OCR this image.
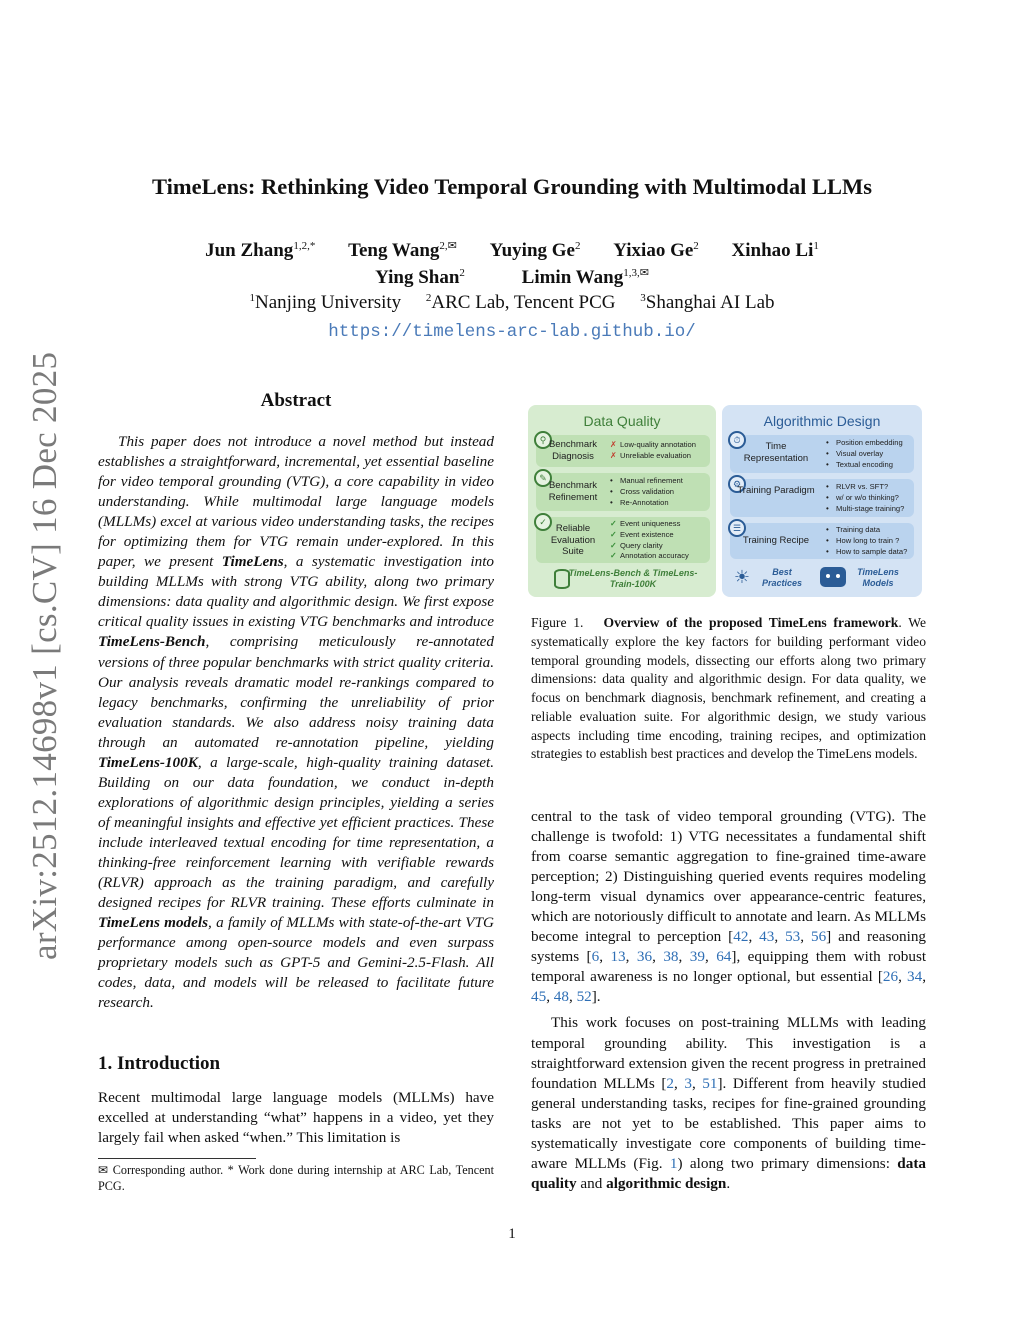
arXiv:2512.14698v1 [cs.CV] 16 Dec 2025
TimeLens: Rethinking Video Temporal Grounding with Multimodal LLMs
Jun Zhang$^{1,2,*}$ Teng Wang$^{2,✉}$ Yuying Ge$^2$ Yixiao Ge$^2$ Xinhao Li$^1$
Ying Shan$^2$	Limin Wang$^{1,3,✉}$
$^1$Nanjing University $^2$ARC Lab, Tencent PCG $^3$Shanghai AI Lab
https://timelens-arc-lab.github.io/
Abstract
This paper does not introduce a novel method but instead establishes a straightforward, incremental, yet essential baseline for video temporal grounding (VTG), a core capability in video understanding. While multimodal large language models (MLLMs) excel at various video understanding tasks, the recipes for optimizing them for VTG remain under-explored. In this paper, we present TimeLens, a systematic investigation into building MLLMs with strong VTG ability, along two primary dimensions: data quality and algorithmic design. We first expose critical quality issues in existing VTG benchmarks and introduce TimeLens-Bench, comprising meticulously re-annotated versions of three popular benchmarks with strict quality criteria. Our analysis reveals dramatic model re-rankings compared to legacy benchmarks, confirming the unreliability of prior evaluation standards. We also address noisy training data through an automated re-annotation pipeline, yielding TimeLens-100K, a large-scale, high-quality training dataset. Building on our data foundation, we conduct in-depth explorations of algorithmic design principles, yielding a series of meaningful insights and effective yet efficient practices. These include interleaved textual encoding for time representation, a thinking-free reinforcement learning with verifiable rewards (RLVR) approach as the training paradigm, and carefully designed recipes for RLVR training. These efforts culminate in TimeLens models, a family of MLLMs with state-of-the-art VTG performance among open-source models and even surpass proprietary models such as GPT-5 and Gemini-2.5-Flash. All codes, data, and models will be released to facilitate future research.
1. Introduction
Recent multimodal large language models (MLLMs) have excelled at understanding “what” happens in a video, yet they largely fail when asked “when.” This limitation is
✉ Corresponding author. * Work done during internship at ARC Lab, Tencent PCG.
Data Quality
⚲ Benchmark Diagnosis
✗ Low-quality annotation
✗ Unreliable evaluation
✎
Benchmark Refinement
• Manual refinement
• Cross validation
• Re-Annotation
✓
Reliable Evaluation Suite
✓ Event uniqueness
✓ Event existence
✓ Query clarity
✓ Annotation accuracy
TimeLens-Bench & TimeLens-Train-100K
Algorithmic Design
⏱
Time Representation
• Position embedding
• Visual overlay
• Textual encoding
⚙
Training Paradigm	• RLVR vs. SFT?
• w/ or w/o thinking?
• Multi-stage training?
☰
Training Recipe
• Training data
• How long to train ?
• How to sample data?
☀	Best Practices
TimeLens Models
Figure 1. Overview of the proposed TimeLens framework. We systematically explore the key factors for building performant video temporal grounding models, dissecting our efforts along two primary dimensions: data quality and algorithmic design. For data quality, we focus on benchmark diagnosis, benchmark refinement, and creating a reliable evaluation suite. For algorithmic design, we study various aspects including time encoding, training recipes, and optimization strategies to establish best practices and develop the TimeLens models.

central to the task of video temporal grounding (VTG). The challenge is twofold: 1) VTG necessitates a fundamental shift from coarse semantic aggregation to fine-grained time-aware perception; 2) Distinguishing queried events requires modeling long-term visual dynamics over appearance-centric features, which are notoriously difficult to annotate and learn. As MLLMs become integral to perception [42, 43, 53, 56] and reasoning systems [6, 13, 36, 38, 39, 64], equipping them with robust temporal awareness is no longer optional, but essential [26, 34, 45, 48, 52].

This work focuses on post-training MLLMs with leading temporal grounding ability. This investigation is a straightforward extension given the recent progress in pretrained foundation MLLMs [2, 3, 51]. Different from heavily studied general understanding tasks, recipes for fine-grained grounding tasks are not yet to be established. This paper aims to systematically investigate core components of building time-aware MLLMs (Fig. 1) along two primary dimensions: data quality and algorithmic design.

1
